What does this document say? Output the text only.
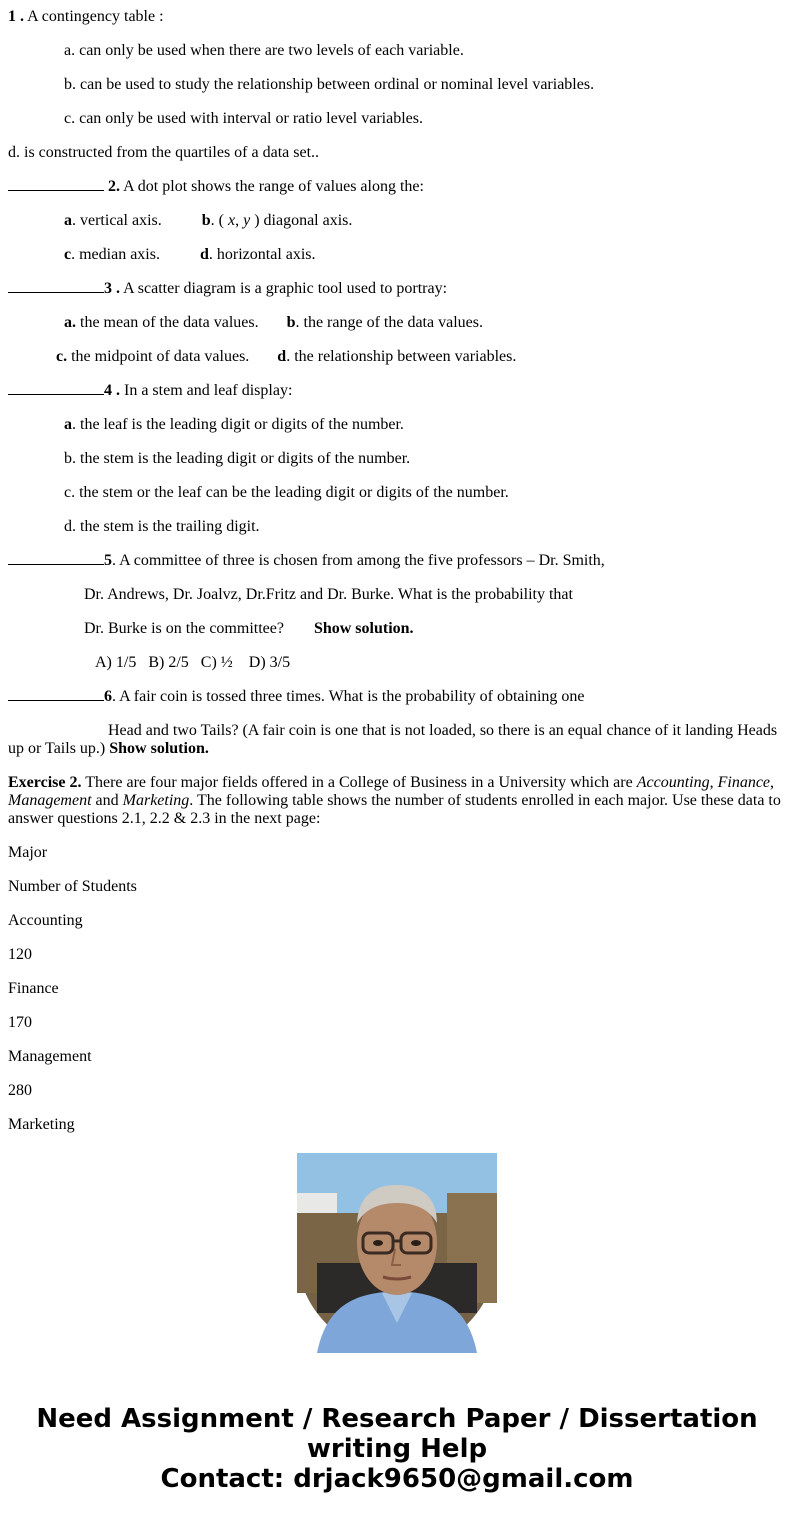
1 . A contingency table :
a. can only be used when there are two levels of each variable.
b. can be used to study the relationship between ordinal or nominal level variables.
c. can only be used with interval or ratio level variables.
d. is constructed from the quartiles of a data set..
2. A dot plot shows the range of values along the:
a. vertical axis.	b. ( x, y ) diagonal axis.
c. median axis.	d. horizontal axis.
3 . A scatter diagram is a graphic tool used to portray:
a. the mean of the data values. b. the range of the data values.
c. the midpoint of data values. d. the relationship between variables.
4 . In a stem and leaf display:
a. the leaf is the leading digit or digits of the number.
b. the stem is the leading digit or digits of the number.
c. the stem or the leaf can be the leading digit or digits of the number.
d. the stem is the trailing digit.
5. A committee of three is chosen from among the five professors – Dr. Smith,
Dr. Andrews, Dr. Joalvz, Dr.Fritz and Dr. Burke. What is the probability that
Dr. Burke is on the committee? Show solution.
A) 1/5   B) 2/5   C) ½    D) 3/5
6. A fair coin is tossed three times. What is the probability of obtaining one
Head and two Tails? (A fair coin is one that is not loaded, so there is an equal chance of it landing Heads up or Tails up.) Show solution.
Exercise 2. There are four major fields offered in a College of Business in a University which are Accounting, Finance, Management and Marketing. The following table shows the number of students enrolled in each major. Use these data to answer questions 2.1, 2.2 & 2.3 in the next page:
Major
Number of Students
Accounting
120
Finance
170
Management
280
Marketing
Need Assignment / Research Paper / Dissertation
writing Help
Contact: drjack9650@gmail.com
